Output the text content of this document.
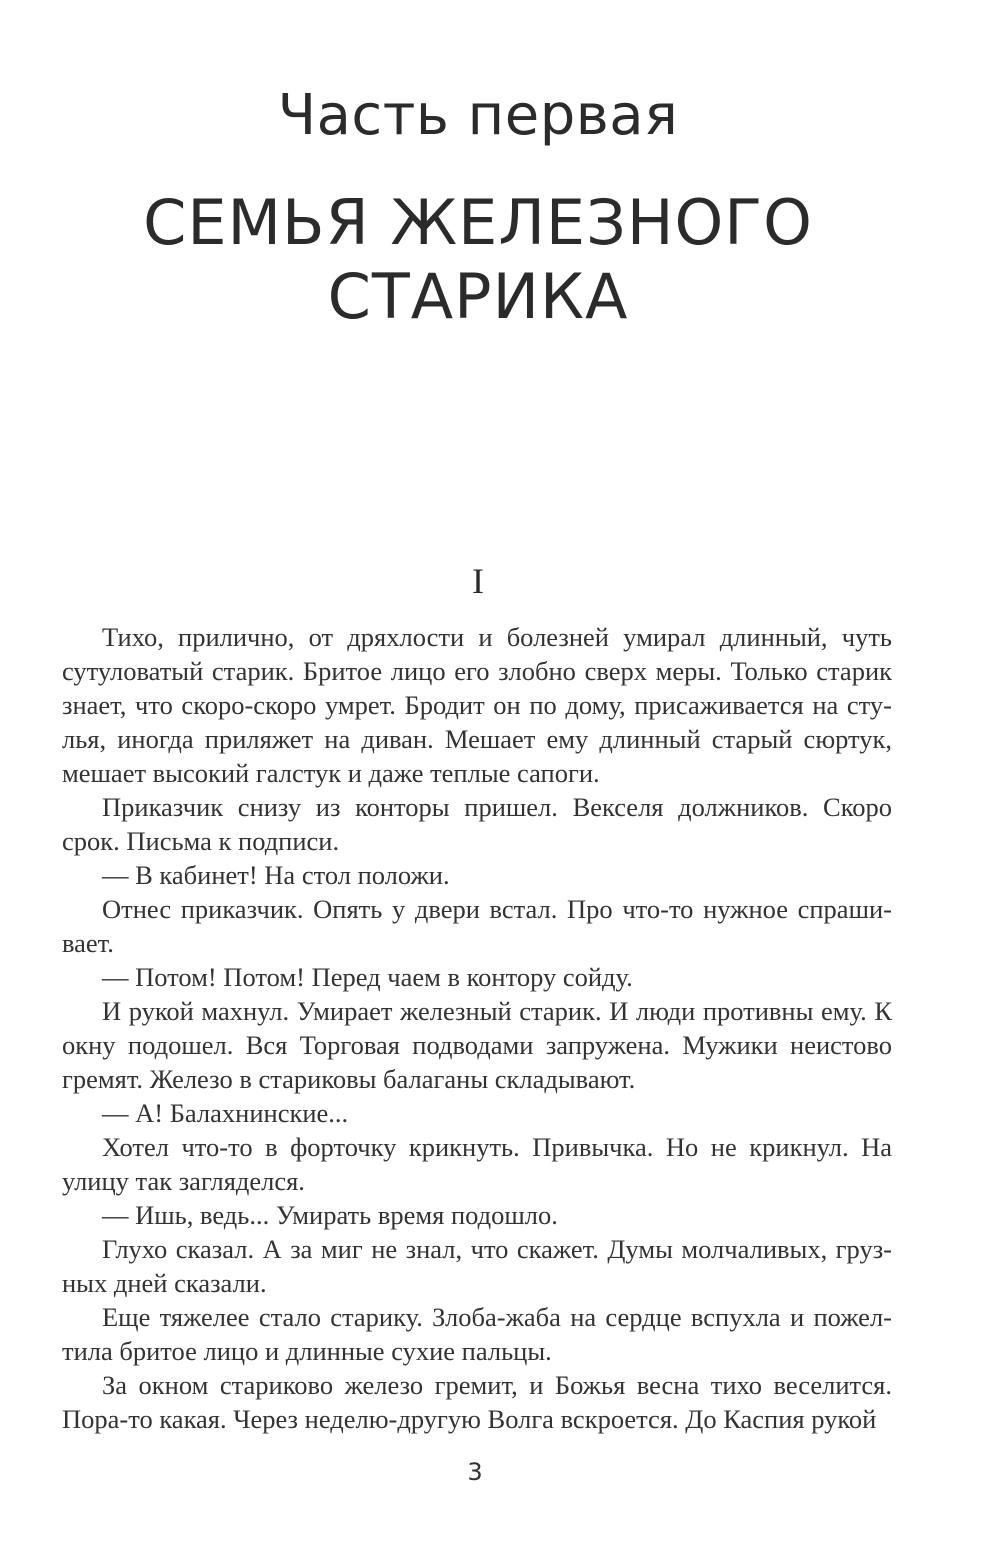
Часть первая
СЕМЬЯ ЖЕЛЕЗНОГО
СТАРИКА
I

Тихо, прилично, от дряхлости и болезней умирал длинный, чуть сутуловатый старик. Бритое лицо его злобно сверх меры. Только старик знает, что скоро-скоро умрет. Бродит он по дому, присаживается на стулья, иногда приляжет на диван. Мешает ему длинный старый сюртук, мешает высокий галстук и даже теплые сапоги.

Приказчик снизу из конторы пришел. Векселя должников. Скоро срок. Письма к подписи.

— В кабинет! На стол положи.

Отнес приказчик. Опять у двери встал. Про что-то нужное спрашивает.

— Потом! Потом! Перед чаем в контору сойду.

И рукой махнул. Умирает железный старик. И люди противны ему. К окну подошел. Вся Торговая подводами запружена. Мужики неистово гремят. Железо в стариковы балаганы складывают.

— А! Балахнинские...

Хотел что-то в форточку крикнуть. Привычка. Но не крикнул. На улицу так загляделся.

— Ишь, ведь... Умирать время подошло.

Глухо сказал. А за миг не знал, что скажет. Думы молчаливых, грузных дней сказали.

Еще тяжелее стало старику. Злоба-жаба на сердце вспухла и пожелтила бритое лицо и длинные сухие пальцы.

За окном стариково железо гремит, и Божья весна тихо веселится. Пора-то какая. Через неделю-другую Волга вскроется. До Каспия рукой

3
